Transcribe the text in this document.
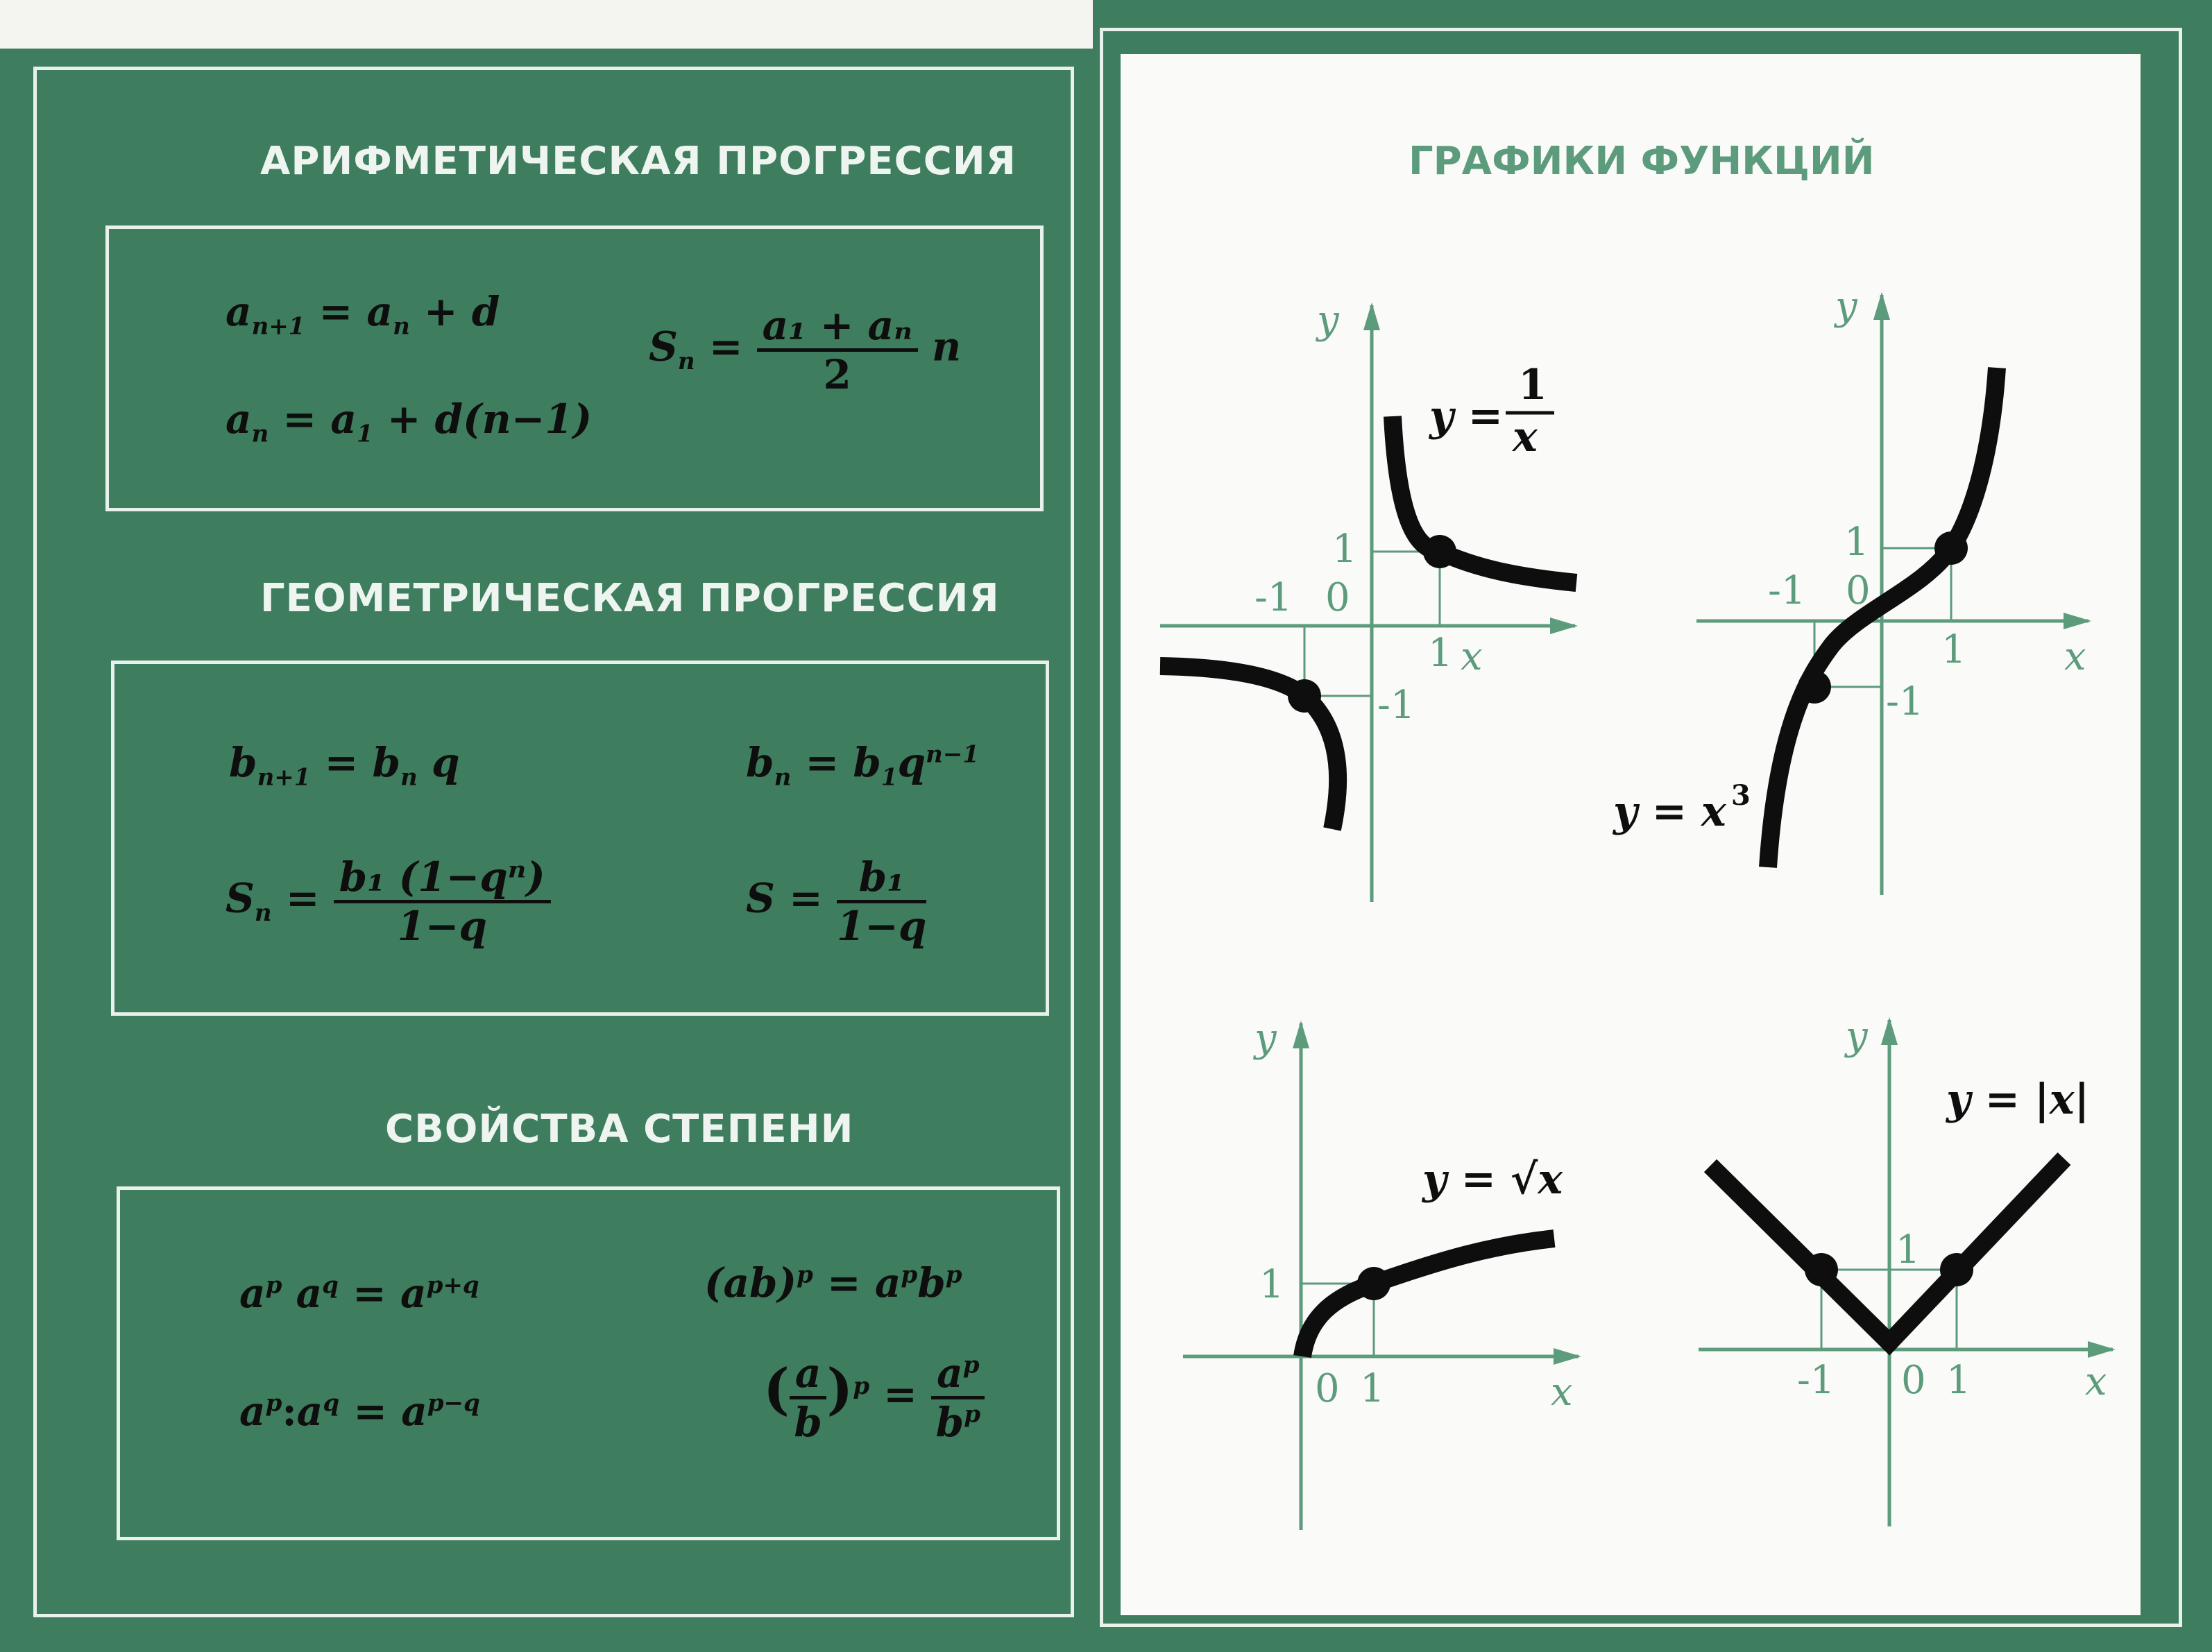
АРИФМЕТИЧЕСКАЯ ПРОГРЕССИЯ
$a_{n+1} = a_n + d$
$a_n = a_1 + d(n-1)$
$S_n = \frac{\text{a₁ + aₙ}}{2}$ n
ГЕОМЕТРИЧЕСКАЯ ПРОГРЕССИЯ
$b_{n+1} = b_n$ q	$b_n = b_1q^{n-1}$
$S_n = \frac{\text{b₁ (1−qⁿ)}}{1-q}$	$S = \frac{\text{b₁}}{1-q}$
СВОЙСТВА СТЕПЕНИ
$a^p$ $a^q = a^{p+q}$
$a^p:a^q = a^{p-q}$
$(ab)^p = a^pb^p$
( $\frac{a}{b} )^p = \frac{a^p}{b^p}$
ГРАФИКИ ФУНКЦИЙ
x
y
-1 0
1
1
-1
y =
1
x
x
y
-1 0
1
1
-1
y = x 3
x
y
0 1
1
y = √x
x
y
-1 0 1
1
y = |x|
